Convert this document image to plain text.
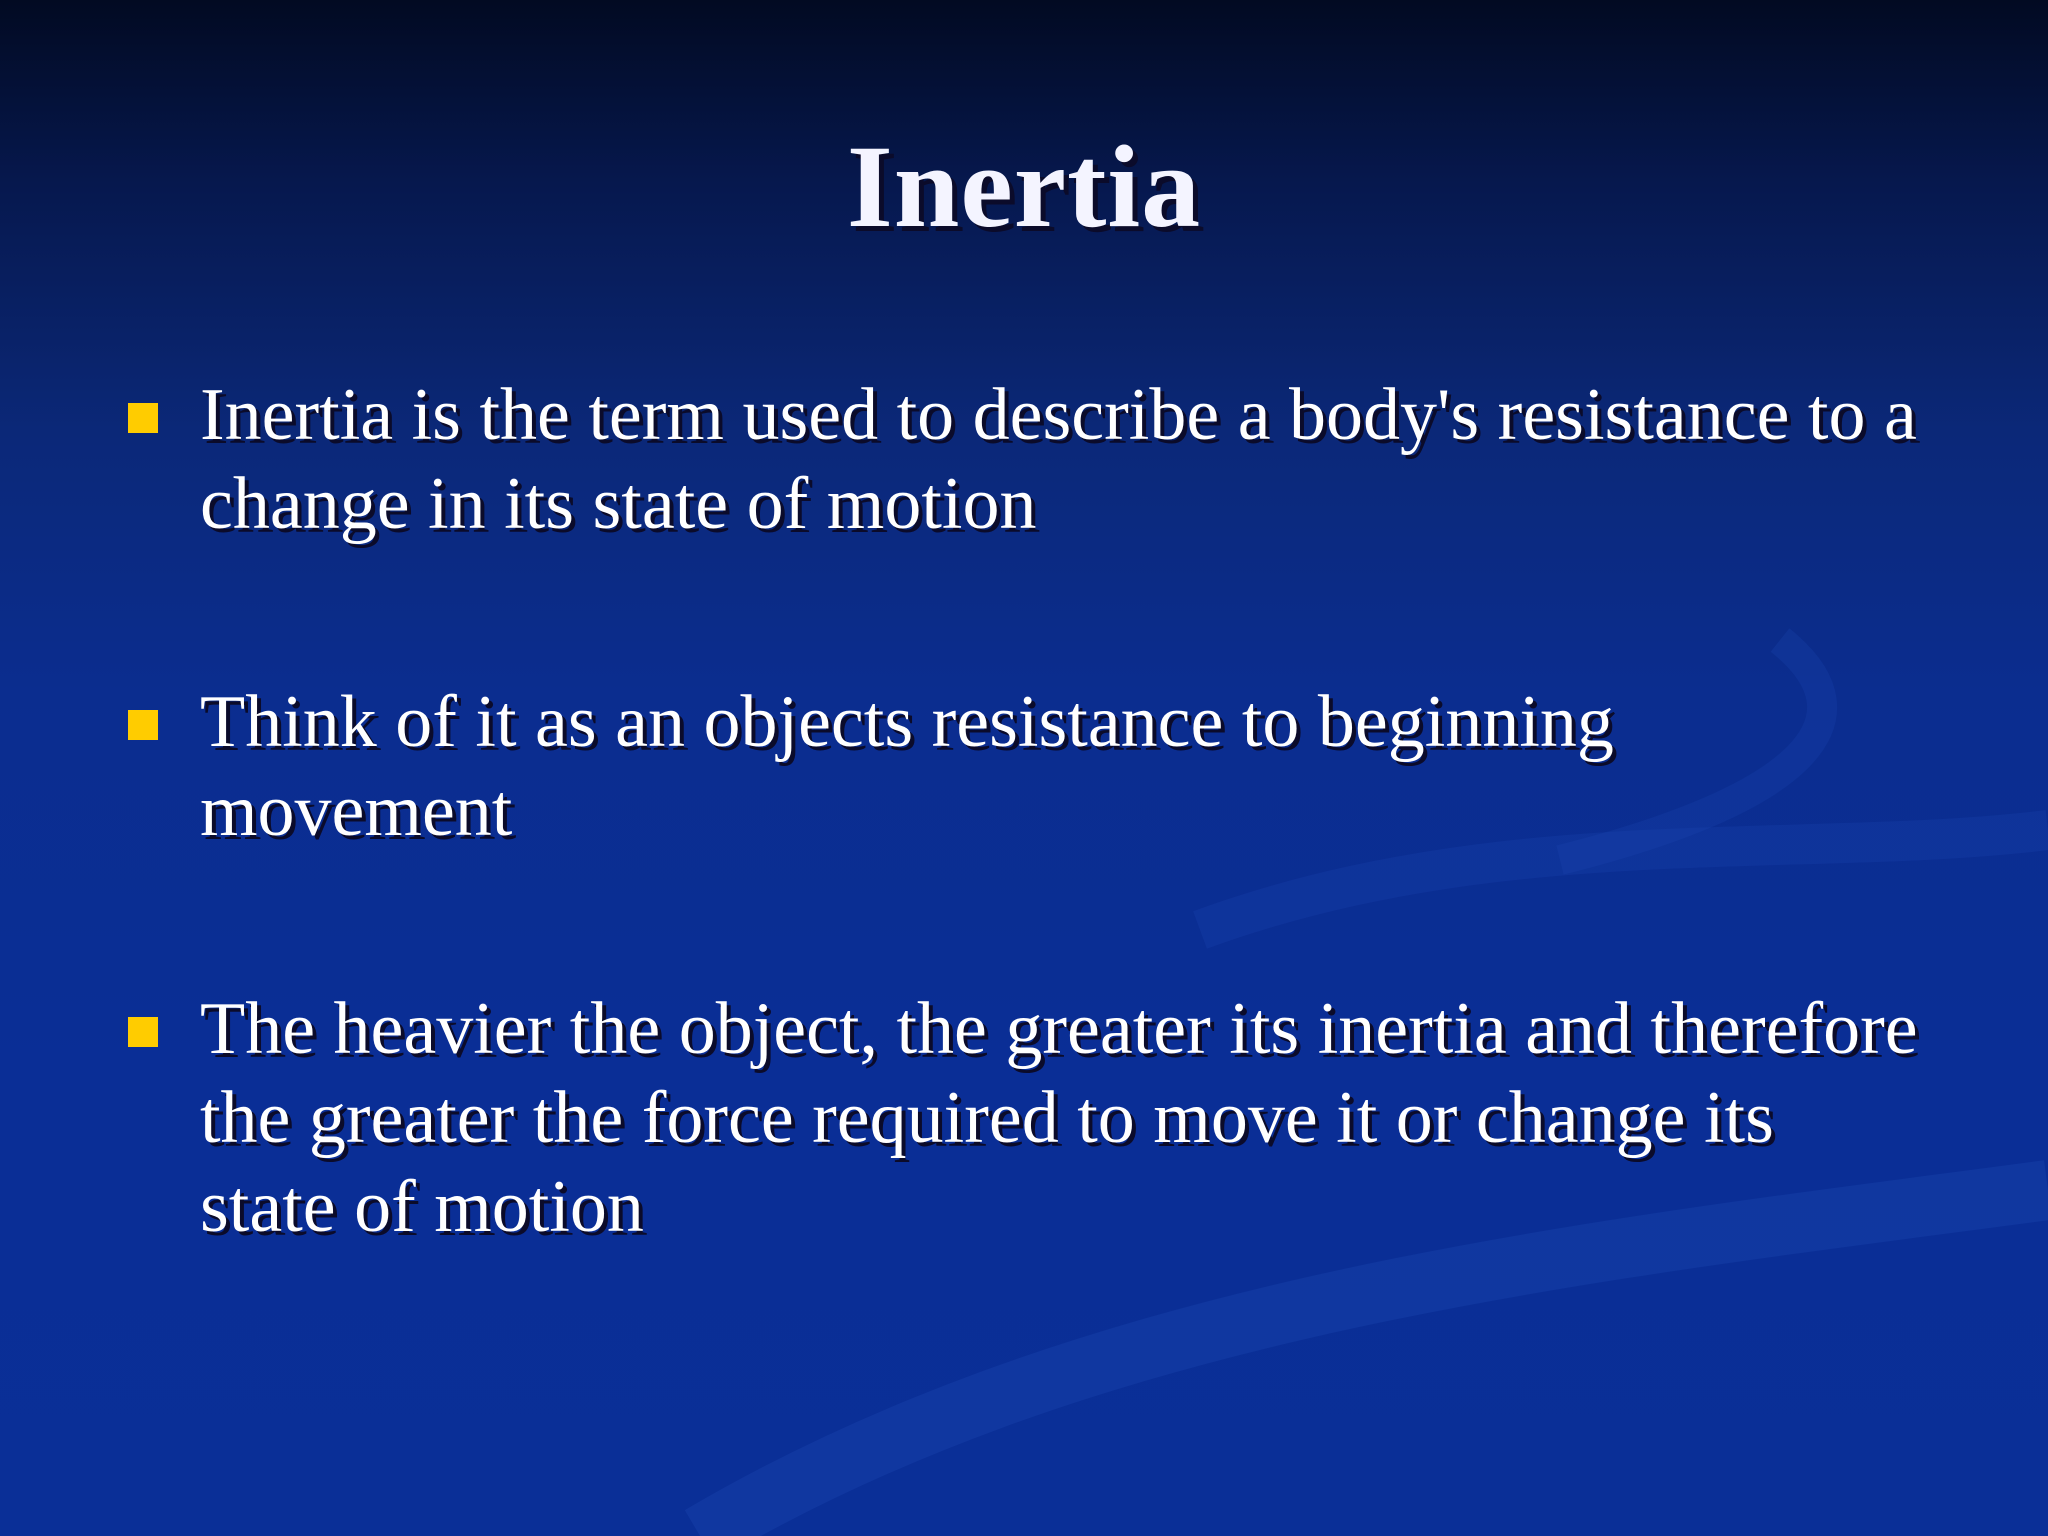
Inertia
Inertia is the term used to describe a body's resistance to a change in its state of motion
Think of it as an objects resistance to beginning movement
The heavier the object, the greater its inertia and therefore the greater the force required to move it or change its state of motion
